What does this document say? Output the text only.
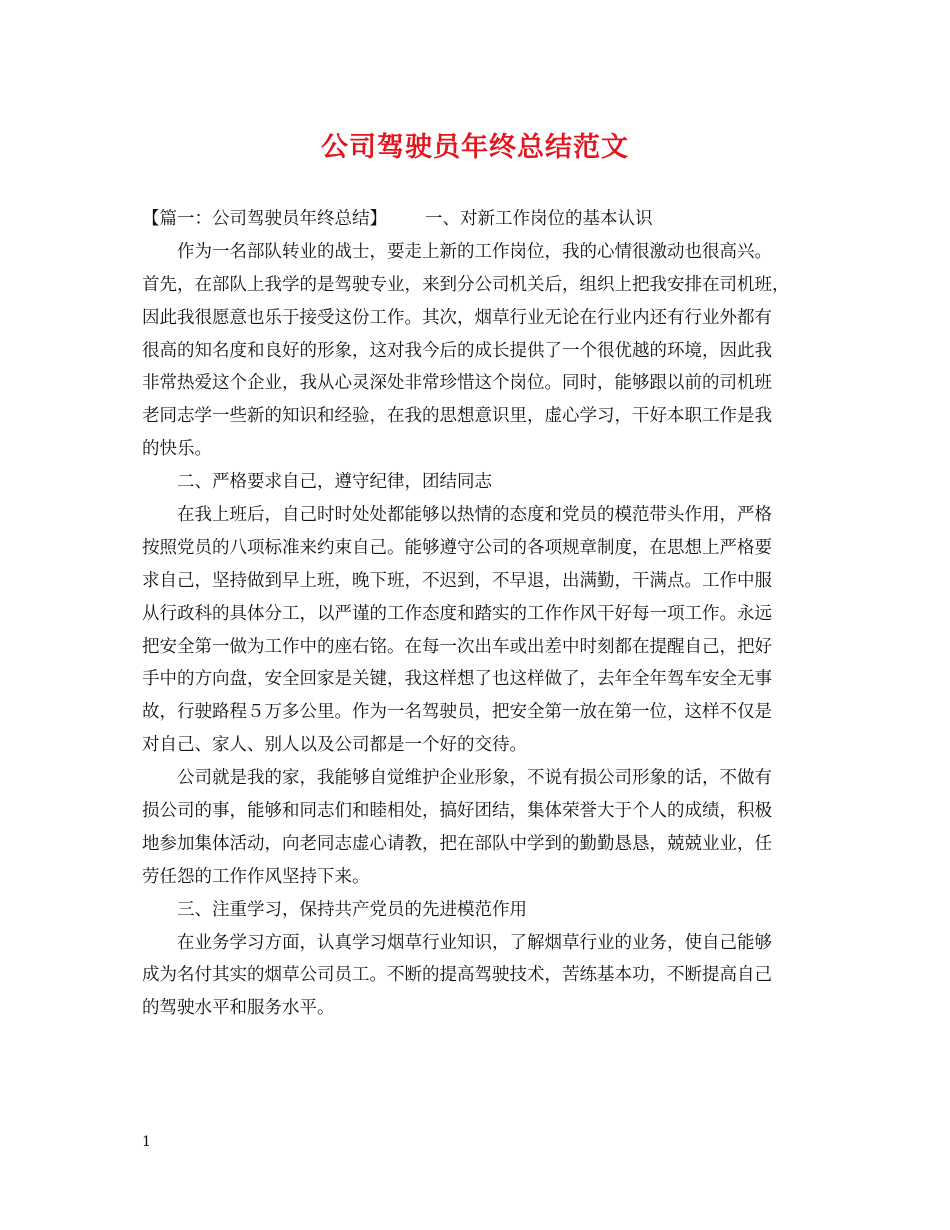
公司驾驶员年终总结范文
【篇一：公司驾驶员年终总结】 一、对新工作岗位的基本认识
作为一名部队转业的战士，要走上新的工作岗位，我的心情很激动也很高兴。
首先，在部队上我学的是驾驶专业，来到分公司机关后，组织上把我安排在司机班，
因此我很愿意也乐于接受这份工作。其次，烟草行业无论在行业内还有行业外都有
很高的知名度和良好的形象，这对我今后的成长提供了一个很优越的环境，因此我
非常热爱这个企业，我从心灵深处非常珍惜这个岗位。同时，能够跟以前的司机班
老同志学一些新的知识和经验，在我的思想意识里，虚心学习，干好本职工作是我
的快乐。
二、严格要求自己，遵守纪律，团结同志
在我上班后，自己时时处处都能够以热情的态度和党员的模范带头作用，严格
按照党员的八项标准来约束自己。能够遵守公司的各项规章制度，在思想上严格要
求自己，坚持做到早上班，晚下班，不迟到，不早退，出满勤，干满点。工作中服
从行政科的具体分工，以严谨的工作态度和踏实的工作作风干好每一项工作。永远
把安全第一做为工作中的座右铭。在每一次出车或出差中时刻都在提醒自己，把好
手中的方向盘，安全回家是关键，我这样想了也这样做了，去年全年驾车安全无事
故，行驶路程５万多公里。作为一名驾驶员，把安全第一放在第一位，这样不仅是
对自己、家人、别人以及公司都是一个好的交待。
公司就是我的家，我能够自觉维护企业形象，不说有损公司形象的话，不做有
损公司的事，能够和同志们和睦相处，搞好团结，集体荣誉大于个人的成绩，积极
地参加集体活动，向老同志虚心请教，把在部队中学到的勤勤恳恳，兢兢业业，任
劳任怨的工作作风坚持下来。
三、注重学习，保持共产党员的先进模范作用
在业务学习方面，认真学习烟草行业知识，了解烟草行业的业务，使自己能够
成为名付其实的烟草公司员工。不断的提高驾驶技术，苦练基本功，不断提高自己
的驾驶水平和服务水平。
1
